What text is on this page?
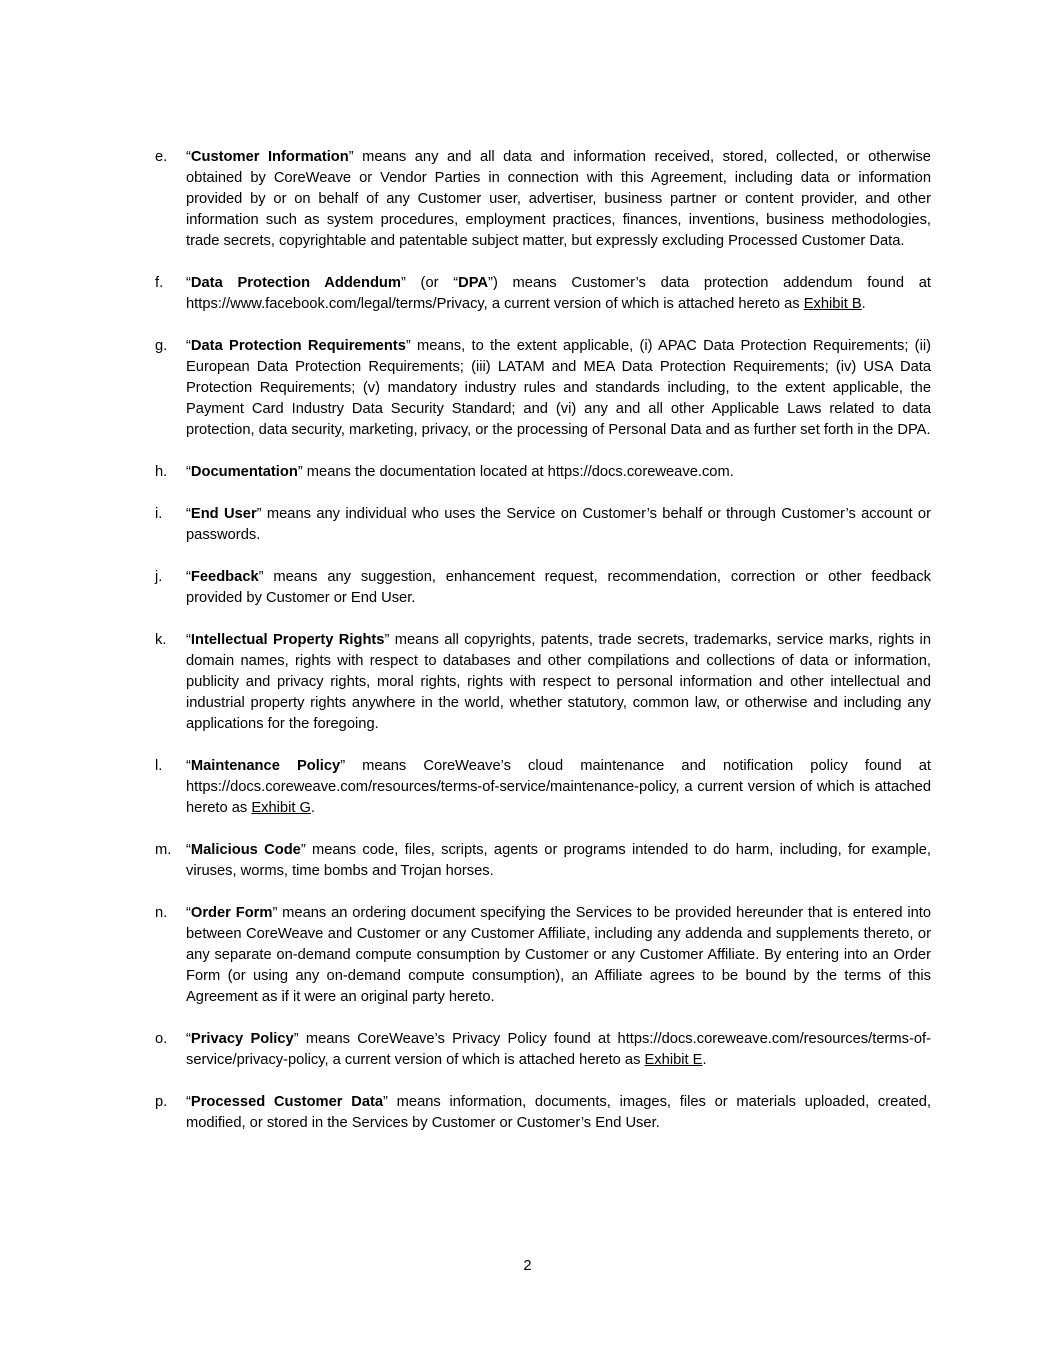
e.	“Customer Information” means any and all data and information received, stored, collected, or otherwise obtained by CoreWeave or Vendor Parties in connection with this Agreement, including data or information provided by or on behalf of any Customer user, advertiser, business partner or content provider, and other information such as system procedures, employment practices, finances, inventions, business methodologies, trade secrets, copyrightable and patentable subject matter, but expressly excluding Processed Customer Data.

f.	“Data Protection Addendum” (or “DPA”) means Customer’s data protection addendum found at https://www.facebook.com/legal/terms/Privacy, a current version of which is attached hereto as Exhibit B.

g.	“Data Protection Requirements” means, to the extent applicable, (i) APAC Data Protection Requirements; (ii) European Data Protection Requirements; (iii) LATAM and MEA Data Protection Requirements; (iv) USA Data Protection Requirements; (v) mandatory industry rules and standards including, to the extent applicable, the Payment Card Industry Data Security Standard; and (vi) any and all other Applicable Laws related to data protection, data security, marketing, privacy, or the processing of Personal Data and as further set forth in the DPA.

h.	“Documentation” means the documentation located at https://docs.coreweave.com.

i.	“End User” means any individual who uses the Service on Customer’s behalf or through Customer’s account or passwords.

j.	“Feedback” means any suggestion, enhancement request, recommendation, correction or other feedback provided by Customer or End User.

k.	“Intellectual Property Rights” means all copyrights, patents, trade secrets, trademarks, service marks, rights in domain names, rights with respect to databases and other compilations and collections of data or information, publicity and privacy rights, moral rights, rights with respect to personal information and other intellectual and industrial property rights anywhere in the world, whether statutory, common law, or otherwise and including any applications for the foregoing.

l.	“Maintenance Policy” means CoreWeave’s cloud maintenance and notification policy found at https://docs.coreweave.com/resources/terms-of-service/maintenance-policy, a current version of which is attached hereto as Exhibit G.

m. “Malicious Code” means code, files, scripts, agents or programs intended to do harm, including, for example, viruses, worms, time bombs and Trojan horses.

n.	“Order Form” means an ordering document specifying the Services to be provided hereunder that is entered into between CoreWeave and Customer or any Customer Affiliate, including any addenda and supplements thereto, or any separate on-demand compute consumption by Customer or any Customer Affiliate. By entering into an Order Form (or using any on-demand compute consumption), an Affiliate agrees to be bound by the terms of this Agreement as if it were an original party hereto.

o.	“Privacy Policy” means CoreWeave’s Privacy Policy found at https://docs.coreweave.com/resources/terms-of-service/privacy-policy, a current version of which is attached hereto as Exhibit E.

p.	“Processed Customer Data” means information, documents, images, files or materials uploaded, created, modified, or stored in the Services by Customer or Customer’s End User.

2
